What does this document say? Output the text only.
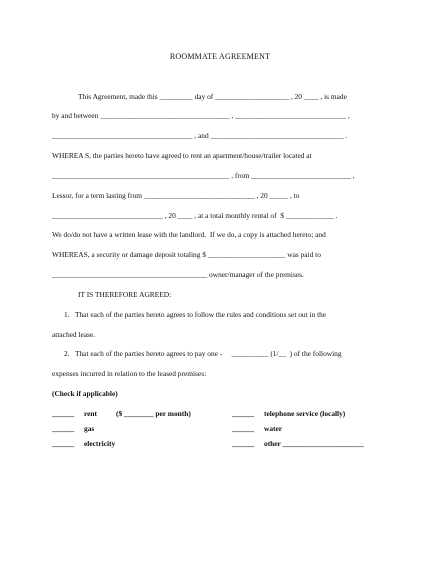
ROOMMATE AGREEMENT
This Agreement, made this _________ day of ____________________ , 20 ____ , is made
by and between ___________________________________ , ______________________________ ,
______________________________________ , and ____________________________________ .
WHEREA S, the parties hereto have agreed to rent an apartment/house/trailer located at
________________________________________________ , from ___________________________ ,
Lessor, for a term lasting from ______________________________ , 20 _____ , to
______________________________ , 20 ____ , at a total monthly rental of  $ _____________ .
We do/do not have a written lease with the landlord.  If we do, a copy is attached hereto; and
WHEREAS, a security or damage deposit totaling $ _____________________ was paid to
__________________________________________ owner/manager of the premises.
IT IS THEREFORE AGREED:
1.   That each of the parties hereto agrees to follow the rules and conditions set out in the
attached lease.
2.   That each of the parties hereto agrees to pay one -     __________ (1/__  ) of the following
expenses incurred in relation to the leased premises:
(Check if applicable)
______ rent	($ ________ per month)	______ telephone service (locally)
______ gas	______ water
______ electricity	______ other ______________________
